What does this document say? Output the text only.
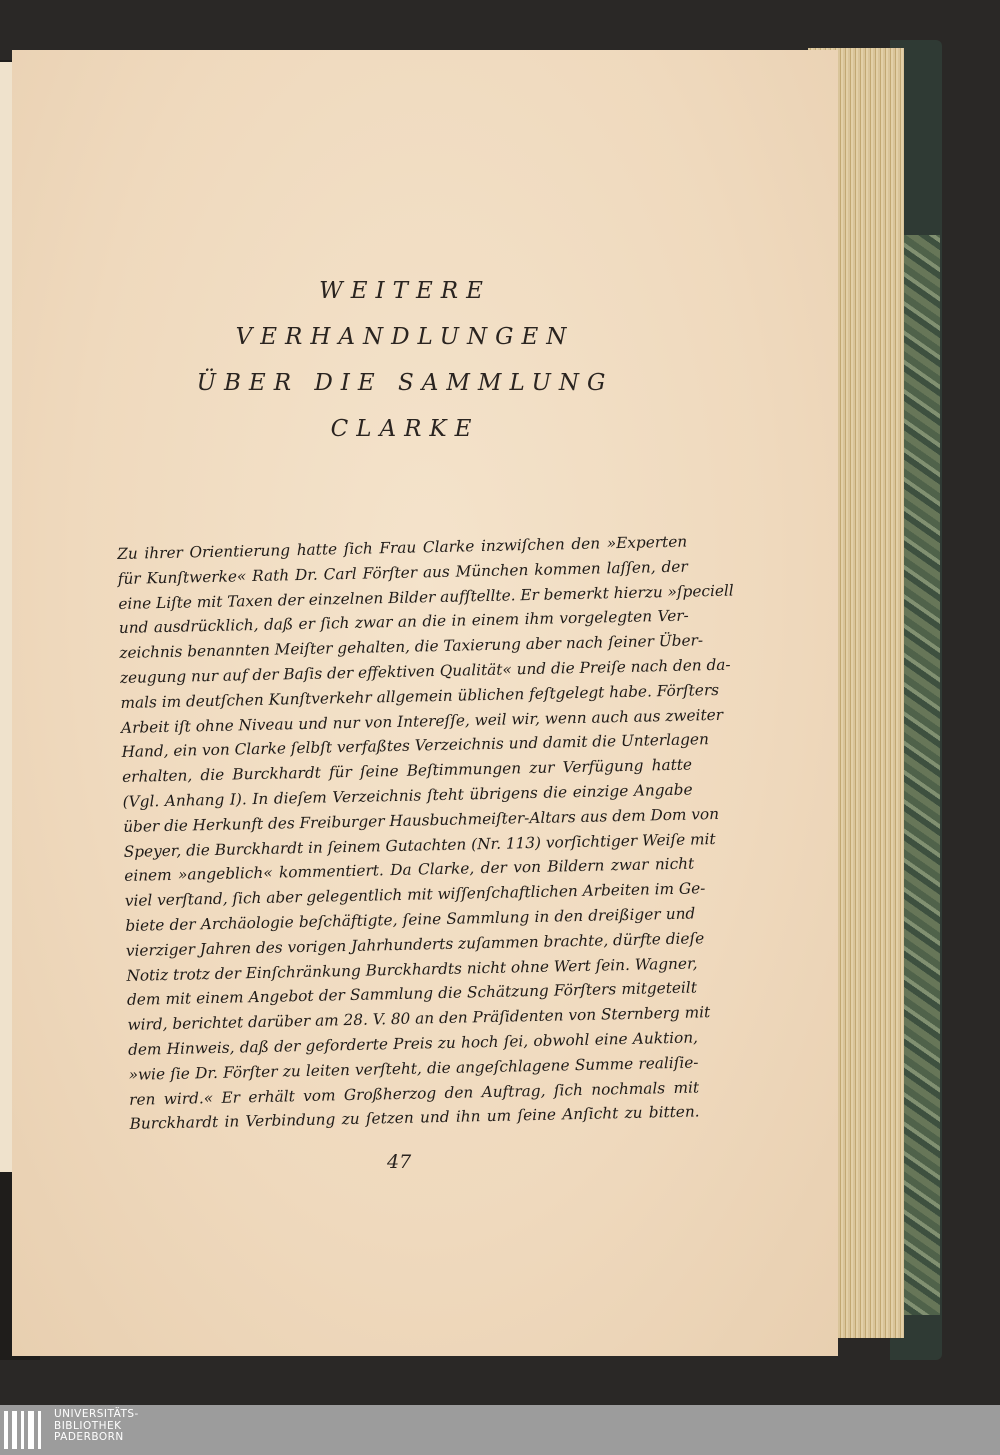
WEITERE
VERHANDLUNGEN
ÜBER DIE SAMMLUNG
CLARKE
Zu ihrer Orientierung hatte ſich Frau Clarke inzwiſchen den »Experten
für Kunſtwerke« Rath Dr. Carl Förſter aus München kommen laſſen, der
eine Liſte mit Taxen der einzelnen Bilder aufſtellte. Er bemerkt hierzu »ſpeciell
und ausdrücklich, daß er ſich zwar an die in einem ihm vorgelegten Ver-
zeichnis benannten Meiſter gehalten, die Taxierung aber nach ſeiner Über-
zeugung nur auf der Baſis der effektiven Qualität« und die Preiſe nach den da-
mals im deutſchen Kunſtverkehr allgemein üblichen feſtgelegt habe. Förſters
Arbeit iſt ohne Niveau und nur von Intereſſe, weil wir, wenn auch aus zweiter
Hand, ein von Clarke ſelbſt verfaßtes Verzeichnis und damit die Unterlagen
erhalten, die Burckhardt für ſeine Beſtimmungen zur Verfügung hatte
(Vgl. Anhang I). In dieſem Verzeichnis ſteht übrigens die einzige Angabe
über die Herkunft des Freiburger Hausbuchmeiſter-Altars aus dem Dom von
Speyer, die Burckhardt in ſeinem Gutachten (Nr. 113) vorſichtiger Weiſe mit
einem »angeblich« kommentiert. Da Clarke, der von Bildern zwar nicht
viel verſtand, ſich aber gelegentlich mit wiſſenſchaftlichen Arbeiten im Ge-
biete der Archäologie beſchäftigte, ſeine Sammlung in den dreißiger und
vierziger Jahren des vorigen Jahrhunderts zuſammen brachte, dürfte dieſe
Notiz trotz der Einſchränkung Burckhardts nicht ohne Wert ſein. Wagner,
dem mit einem Angebot der Sammlung die Schätzung Förſters mitgeteilt
wird, berichtet darüber am 28. V. 80 an den Präſidenten von Sternberg mit
dem Hinweis, daß der geforderte Preis zu hoch ſei, obwohl eine Auktion,
»wie ſie Dr. Förſter zu leiten verſteht, die angeſchlagene Summe realiſie-
ren wird.« Er erhält vom Großherzog den Auftrag, ſich nochmals mit
Burckhardt in Verbindung zu ſetzen und ihn um ſeine Anſicht zu bitten.
47
UNIVERSITÄTS-
BIBLIOTHEK
PADERBORN
